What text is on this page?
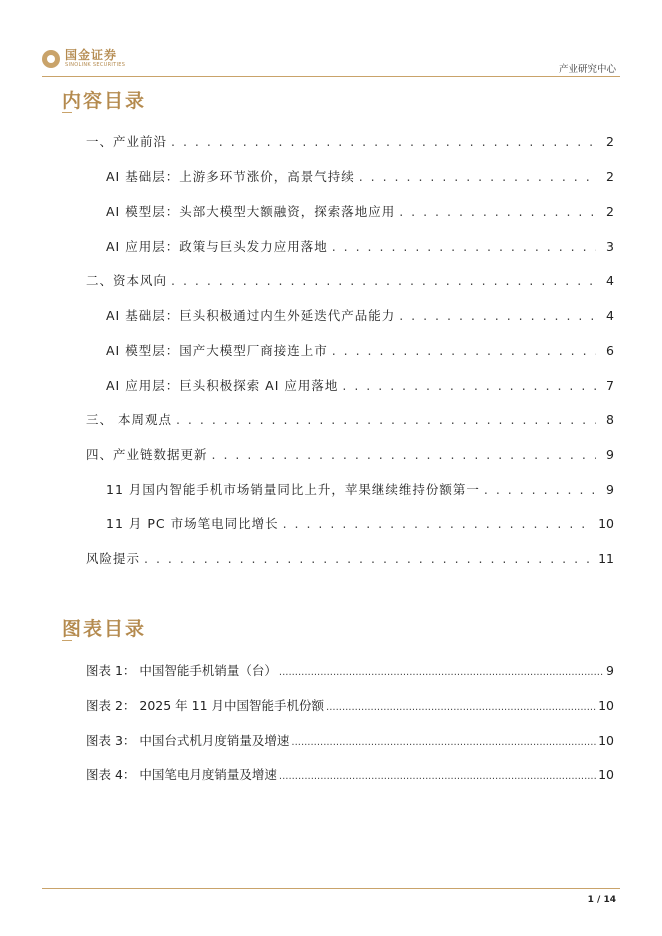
国金证券
SINOLINK SECURITIES	产业研究中心
内容目录
一、产业前沿 . . .	2
AI 基础层：上游多环节涨价，高景气持续 . . .	2
AI 模型层：头部大模型大额融资，探索落地应用 . . .	2
AI 应用层：政策与巨头发力应用落地 . . .	3
二、资本风向 . . .	4
AI 基础层：巨头积极通过内生外延迭代产品能力 . . .	4
AI 模型层：国产大模型厂商接连上市 . . .	6
AI 应用层：巨头积极探索 AI 应用落地 . . .	7
三、 本周观点 . . .	8
四、产业链数据更新 . . .	9
11 月国内智能手机市场销量同比上升，苹果继续维持份额第一 . . .	9
11 月 PC 市场笔电同比增长 . . .	10
风险提示 . . .	11
图表目录
图表 1： 中国智能手机销量（台） .....	9
图表 2： 2025 年 11 月中国智能手机份额 .....	10
图表 3： 中国台式机月度销量及增速 .....	10
图表 4： 中国笔电月度销量及增速 .....	10
1 / 14
